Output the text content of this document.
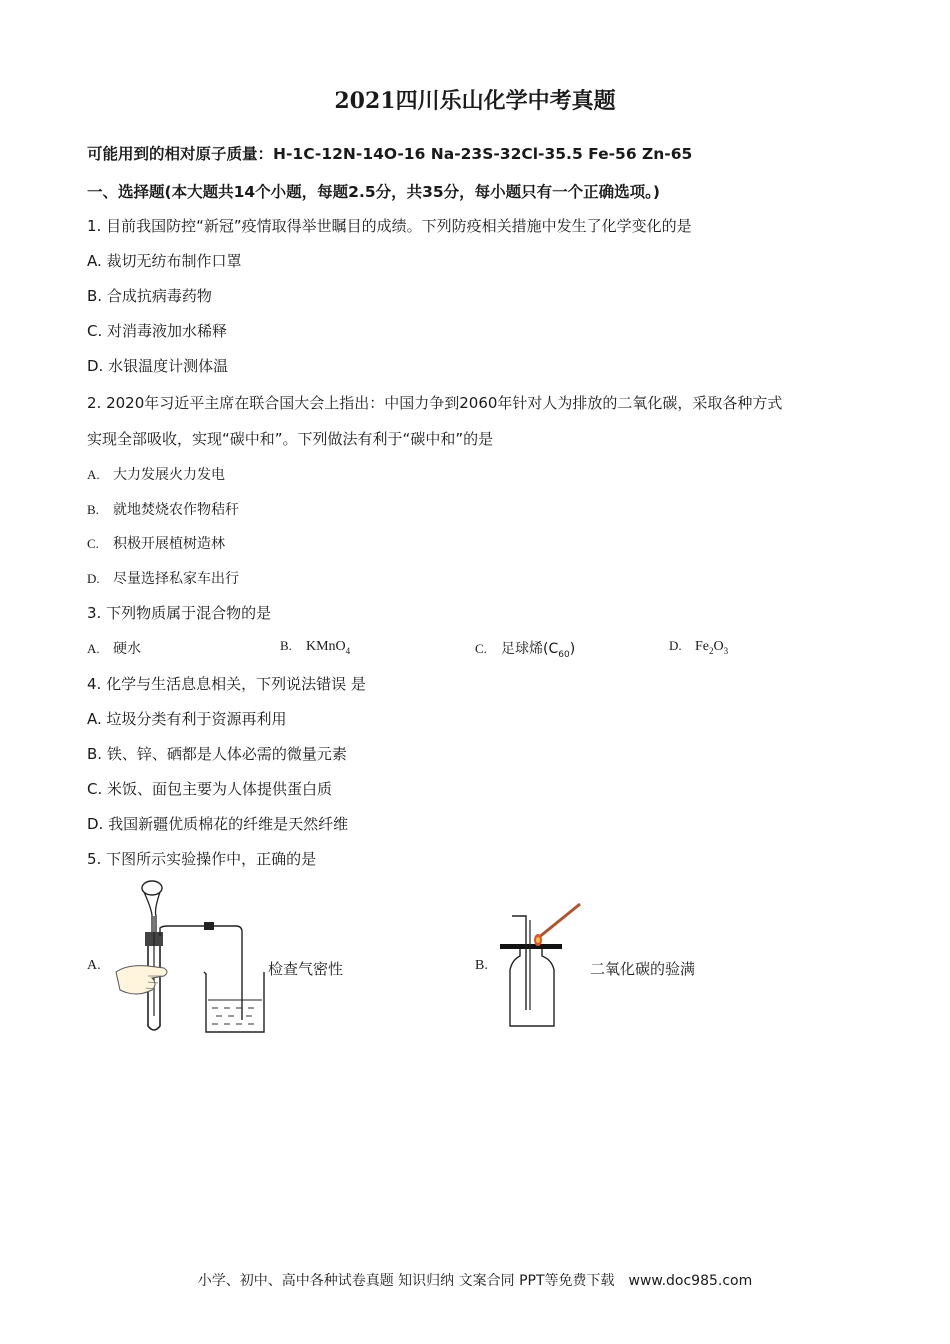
2021四川乐山化学中考真题
可能用到的相对原子质量：H-1C-12N-14O-16 Na-23S-32Cl-35.5 Fe-56 Zn-65
一、选择题(本大题共14个小题，每题2.5分，共35分，每小题只有一个正确选项。)
1. 目前我国防控“新冠”疫情取得举世瞩目的成绩。下列防疫相关措施中发生了化学变化的是
A. 裁切无纺布制作口罩
B. 合成抗病毒药物
C. 对消毒液加水稀释
D. 水银温度计测体温
2. 2020年习近平主席在联合国大会上指出：中国力争到2060年针对人为排放的二氧化碳，采取各种方式
实现全部吸收，实现“碳中和”。下列做法有利于“碳中和”的是
A. 大力发展火力发电
B. 就地焚烧农作物秸秆
C. 积极开展植树造林
D. 尽量选择私家车出行
3. 下列物质属于混合物的是
A. 硬水	B. KMnO$_4$	C. 足球烯$(C_{60})$	D. $Fe_2O_3$
4. 化学与生活息息相关，下列说法错误 是
A. 垃圾分类有利于资源再利用
B. 铁、锌、硒都是人体必需的微量元素
C. 米饭、面包主要为人体提供蛋白质
D. 我国新疆优质棉花的纤维是天然纤维
5. 下图所示实验操作中，正确的是
A.	检查气密性	B.	二氧化碳的验满
小学、初中、高中各种试卷真题 知识归纳 文案合同 PPT等免费下载 www.doc985.com
